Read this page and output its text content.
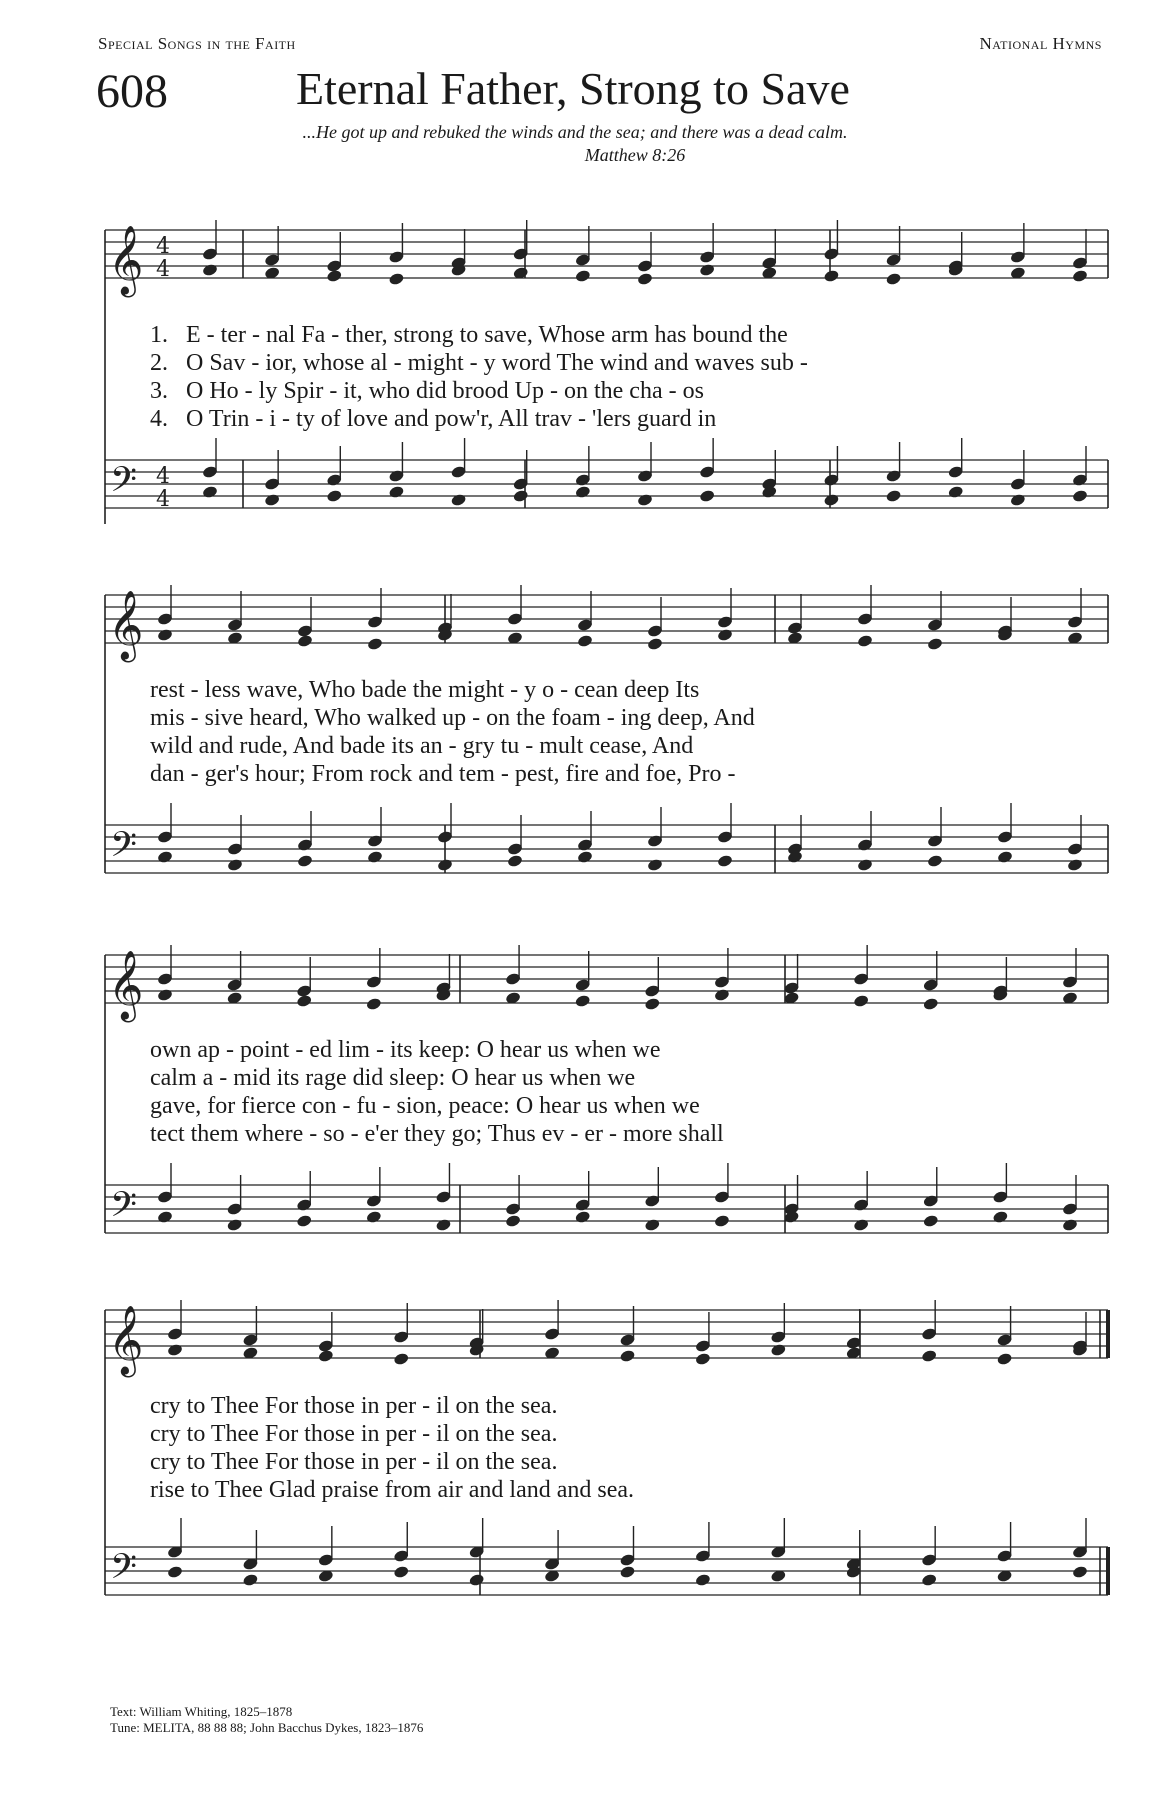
Special Songs in the Faith	National Hymns
608	Eternal Father, Strong to Save
...He got up and rebuked the winds and the sea; and there was a dead calm.
Matthew 8:26
𝄞 4
4
𝄢 4
4
1. E - ter - nal Fa - ther, strong to save, Whose arm has bound the
2. O Sav - ior, whose al - might - y word The wind and waves sub -
3. O Ho - ly Spir - it, who did brood Up - on the cha - os
4. O Trin - i - ty of love and pow'r, All trav - 'lers guard in
𝄞
𝄢
rest - less wave, Who bade the might - y o - cean deep Its
mis - sive heard, Who walked up - on the foam - ing deep, And
wild and rude, And bade its an - gry tu - mult cease, And
dan - ger's hour; From rock and tem - pest, fire and foe, Pro -
𝄞
𝄢
own ap - point - ed lim - its keep: O hear us when we
calm a - mid its rage did sleep: O hear us when we
gave, for fierce con - fu - sion, peace: O hear us when we
tect them where - so - e'er they go; Thus ev - er - more shall
𝄞
𝄢
cry to Thee For those in per - il on the sea.
cry to Thee For those in per - il on the sea.
cry to Thee For those in per - il on the sea.
rise to Thee Glad praise from air and land and sea.
Text: William Whiting, 1825–1878
Tune: MELITA, 88 88 88; John Bacchus Dykes, 1823–1876
